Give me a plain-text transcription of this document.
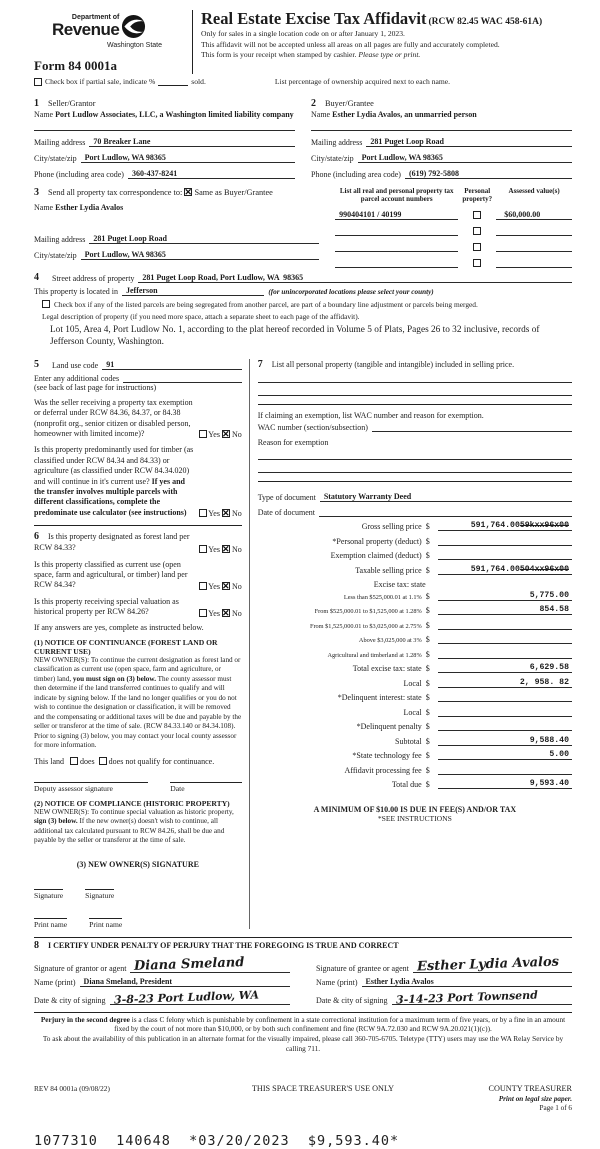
Department of
Revenue
Washington State
Form 84 0001a
Real Estate Excise Tax Affidavit (RCW 82.45 WAC 458-61A)
Only for sales in a single location code on or after January 1, 2023.
This affidavit will not be accepted unless all areas on all pages are fully and accurately completed.
This form is your receipt when stamped by cashier. Please type or print.
Check box if partial sale, indicate %	sold.	List percentage of ownership acquired next to each name.
1 Seller/Grantor
Name Port Ludlow Associates, LLC, a Washington limited liability company
Mailing address	70 Breaker Lane
City/state/zip	Port Ludlow, WA 98365
Phone (including area code)	360-437-8241
2 Buyer/Grantee
Name Esther Lydia Avalos, an unmarried person
Mailing address	281 Puget Loop Road
City/state/zip	Port Ludlow, WA 98365
Phone (including area code)	(619) 792-5808
3 Send all property tax correspondence to: ✕ Same as Buyer/Grantee
Name Esther Lydia Avalos
Mailing address	281 Puget Loop Road
City/state/zip	Port Ludlow, WA 98365
List all real and personal property tax parcel account numbers
Personal property?
Assessed value(s)
990404101 / 40199	$60,000.00
4 Street address of property	281 Puget Loop Road, Port Ludlow, WA  98365
This property is located in	Jefferson	(for unincorporated locations please select your county)
Check box if any of the listed parcels are being segregated from another parcel, are part of a boundary line adjustment or parcels being merged.
Legal description of property (if you need more space, attach a separate sheet to each page of the affidavit).
Lot 105, Area 4, Port Ludlow No. 1, according to the plat hereof recorded in Volume 5 of Plats, Pages 26 to 32 inclusive, records of Jefferson County, Washington.
5 Land use code	91
Enter any additional codes
(see back of last page for instructions)
Was the seller receiving a property tax exemption or deferral under RCW 84.36, 84.37, or 84.38 (nonprofit org., senior citizen or disabled person, homeowner with limited income)?	Yes ✕ No
Is this property predominantly used for timber (as classified under RCW 84.34 and 84.33) or agriculture (as classified under RCW 84.34.020) and will continue in it's current use? If yes and the transfer involves multiple parcels with different classifications, complete the predominate use calculator (see instructions)	Yes ✕ No
6 Is this property designated as forest land per RCW 84.33?	Yes ✕ No
Is this property classified as current use (open space, farm and agricultural, or timber) land per RCW 84.34?	Yes ✕ No
Is this property receiving special valuation as historical property per RCW 84.26?	Yes ✕ No
If any answers are yes, complete as instructed below.
(1) NOTICE OF CONTINUANCE (FOREST LAND OR CURRENT USE)
NEW OWNER(S): To continue the current designation as forest land or classification as current use (open space, farm and agriculture, or timber) land, you must sign on (3) below. The county assessor must then determine if the land transferred continues to qualify and will indicate by signing below. If the land no longer qualifies or you do not wish to continue the designation or classification, it will be removed and the compensating or additional taxes will be due and payable by the seller or transferor at the time of sale. (RCW 84.33.140 or 84.34.108). Prior to signing (3) below, you may contact your local county assessor for more information.
This land does does not qualify for continuance.
Deputy assessor signature	Date
(2) NOTICE OF COMPLIANCE (HISTORIC PROPERTY)
NEW OWNER(S): To continue special valuation as historic property, sign (3) below. If the new owner(s) doesn't wish to continue, all additional tax calculated pursuant to RCW 84.26, shall be due and payable by the seller or transferor at the time of sale.
(3) NEW OWNER(S) SIGNATURE
Signature	Signature
Print name	Print name
7 List all personal property (tangible and intangible) included in selling price.
If claiming an exemption, list WAC number and reason for exemption.
WAC number (section/subsection)
Reason for exemption
Type of document	Statutory Warranty Deed
Date of document
Gross selling price $	591,764.00 59kxx96x00
*Personal property (deduct) $
Exemption claimed (deduct) $
Taxable selling price $	591,764.00 504xx96x00
Excise tax: state
Less than $525,000.01 at 1.1% $	5,775.00
From $525,000.01 to $1,525,000 at 1.28% $	854.58
From $1,525,000.01 to $3,025,000 at 2.75% $
Above $3,025,000 at 3% $
Agricultural and timberland at 1.28% $
Total excise tax: state $	6,629.58
Local $	2, 958. 82
*Delinquent interest: state $
Local $
*Delinquent penalty $
Subtotal $	9,588.40
*State technology fee $	5.00
Affidavit processing fee $
Total due $	9,593.40
A MINIMUM OF $10.00 IS DUE IN FEE(S) AND/OR TAX
*SEE INSTRUCTIONS
8 I CERTIFY UNDER PENALTY OF PERJURY THAT THE FOREGOING IS TRUE AND CORRECT
Signature of grantor or agent Diana Smeland
Name (print)	Diana Smeland, President
Date & city of signing 3-8-23 Port Ludlow, WA
Signature of grantee or agent Esther Lydia Avalos
Name (print)	Esther Lydia Avalos
Date & city of signing 3-14-23 Port Townsend
Perjury in the second degree is a class C felony which is punishable by confinement in a state correctional institution for a maximum term of five years, or by a fine in an amount fixed by the court of not more than $10,000, or by both such confinement and fine (RCW 9A.72.030 and RCW 9A.20.021(1)(c)).
To ask about the availability of this publication in an alternate format for the visually impaired, please call 360-705-6705. Teletype (TTY) users may use the WA Relay Service by calling 711.
REV 84 0001a (09/08/22)	THIS SPACE TREASURER'S USE ONLY	COUNTY TREASURER
Print on legal size paper.
Page 1 of 6
1077310  140648  *03/20/2023  $9,593.40*
